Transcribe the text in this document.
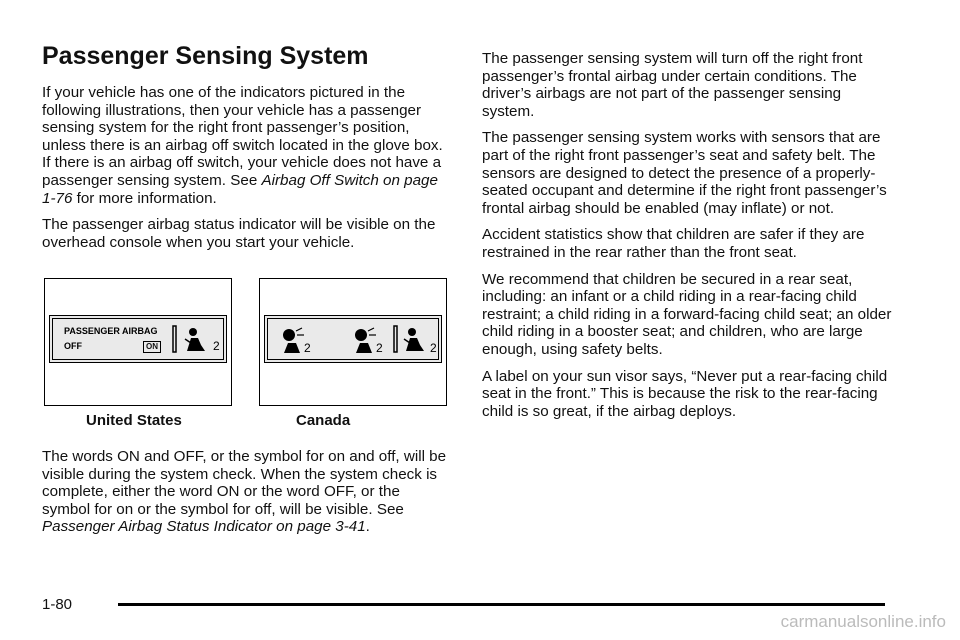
Passenger Sensing System

If your vehicle has one of the indicators pictured in the following illustrations, then your vehicle has a passenger sensing system for the right front passenger’s position, unless there is an airbag off switch located in the glove box. If there is an airbag off switch, your vehicle does not have a passenger sensing system. See Airbag Off Switch on page 1-76 for more information.

The passenger airbag status indicator will be visible on the overhead console when you start your vehicle.

PASSENGER AIRBAG
OFF	ON	2	2	2	2
United States	Canada

The words ON and OFF, or the symbol for on and off, will be visible during the system check. When the system check is complete, either the word ON or the word OFF, or the symbol for on or the symbol for off, will be visible. See Passenger Airbag Status Indicator on page 3-41.

The passenger sensing system will turn off the right front passenger’s frontal airbag under certain conditions. The driver’s airbags are not part of the passenger sensing system.

The passenger sensing system works with sensors that are part of the right front passenger’s seat and safety belt. The sensors are designed to detect the presence of a properly-seated occupant and determine if the right front passenger’s frontal airbag should be enabled (may inflate) or not.

Accident statistics show that children are safer if they are restrained in the rear rather than the front seat.

We recommend that children be secured in a rear seat, including: an infant or a child riding in a rear-facing child restraint; a child riding in a forward-facing child seat; an older child riding in a booster seat; and children, who are large enough, using safety belts.

A label on your sun visor says, “Never put a rear-facing child seat in the front.” This is because the risk to the rear-facing child is so great, if the airbag deploys.

1-80
carmanualsonline.info
